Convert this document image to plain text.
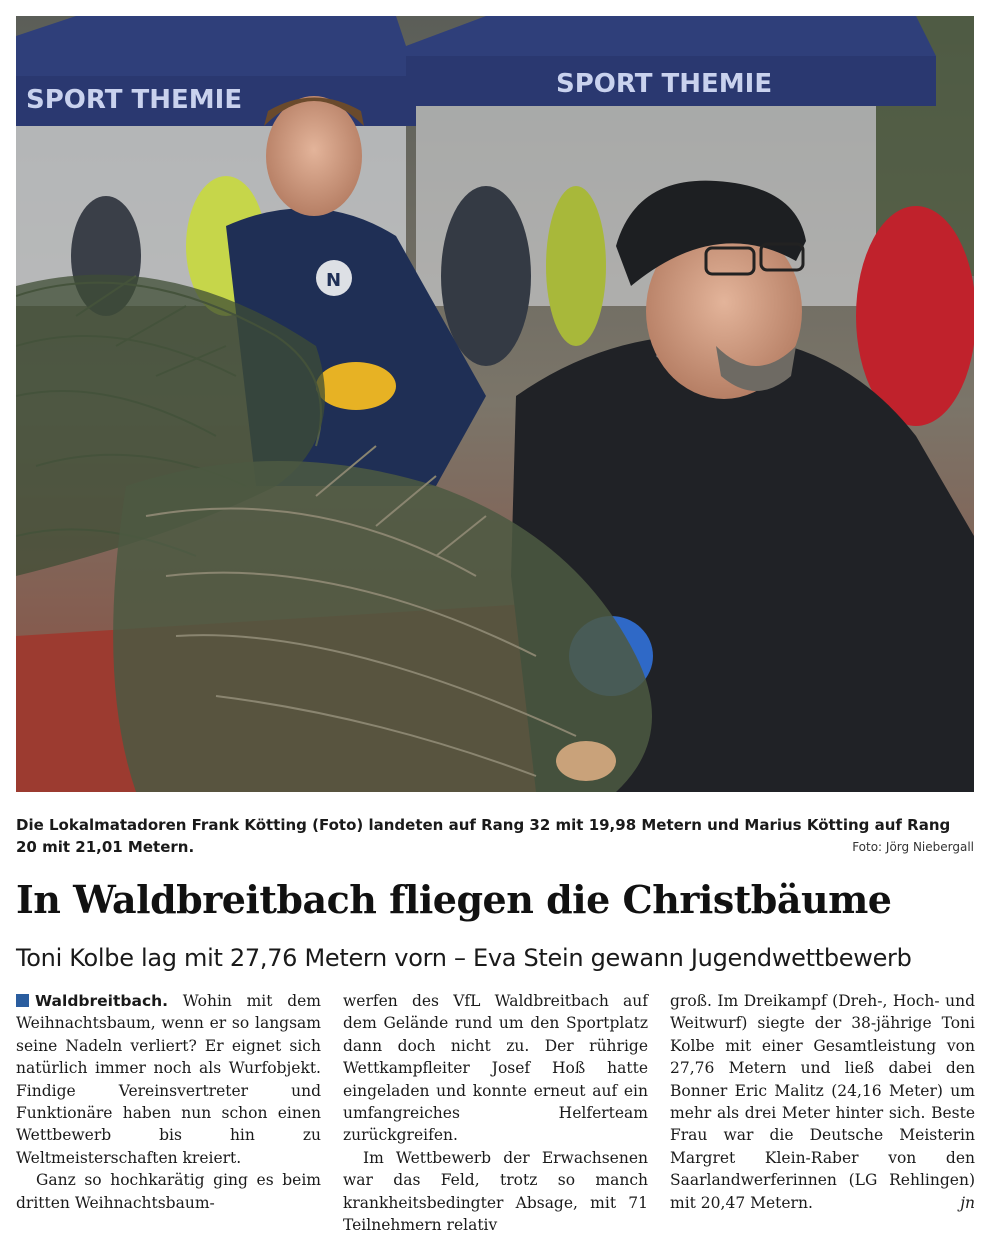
SPORT THEMIE
SPORT THEMIE
N
Die Lokalmatadoren Frank Kötting (Foto) landeten auf Rang 32 mit 19,98 Metern und Marius Kötting auf Rang 20 mit 21,01 Metern.	Foto: Jörg Niebergall
In Waldbreitbach fliegen die Christbäume
Toni Kolbe lag mit 27,76 Metern vorn – Eva Stein gewann Jugendwettbewerb

Waldbreitbach. Wohin mit dem Weihnachtsbaum, wenn er so langsam seine Nadeln verliert? Er eignet sich natürlich immer noch als Wurfobjekt. Findige Vereinsvertreter und Funktionäre haben nun schon einen Wettbewerb bis hin zu Weltmeisterschaften kreiert.

Ganz so hochkarätig ging es beim dritten Weihnachtsbaum-

werfen des VfL Waldbreitbach auf dem Gelände rund um den Sportplatz dann doch nicht zu. Der rührige Wettkampfleiter Josef Hoß hatte eingeladen und konnte erneut auf ein umfangreiches Helferteam zurückgreifen.

Im Wettbewerb der Erwachsenen war das Feld, trotz so manch krankheitsbedingter Absage, mit 71 Teilnehmern relativ

groß. Im Dreikampf (Dreh-, Hoch- und Weitwurf) siegte der 38-jährige Toni Kolbe mit einer Gesamtleistung von 27,76 Metern und ließ dabei den Bonner Eric Malitz (24,16 Meter) um mehr als drei Meter hinter sich. Beste Frau war die Deutsche Meisterin Margret Klein-Raber von den Saarlandwerferinnen (LG Rehlingen) mit 20,47 Metern.	jn
